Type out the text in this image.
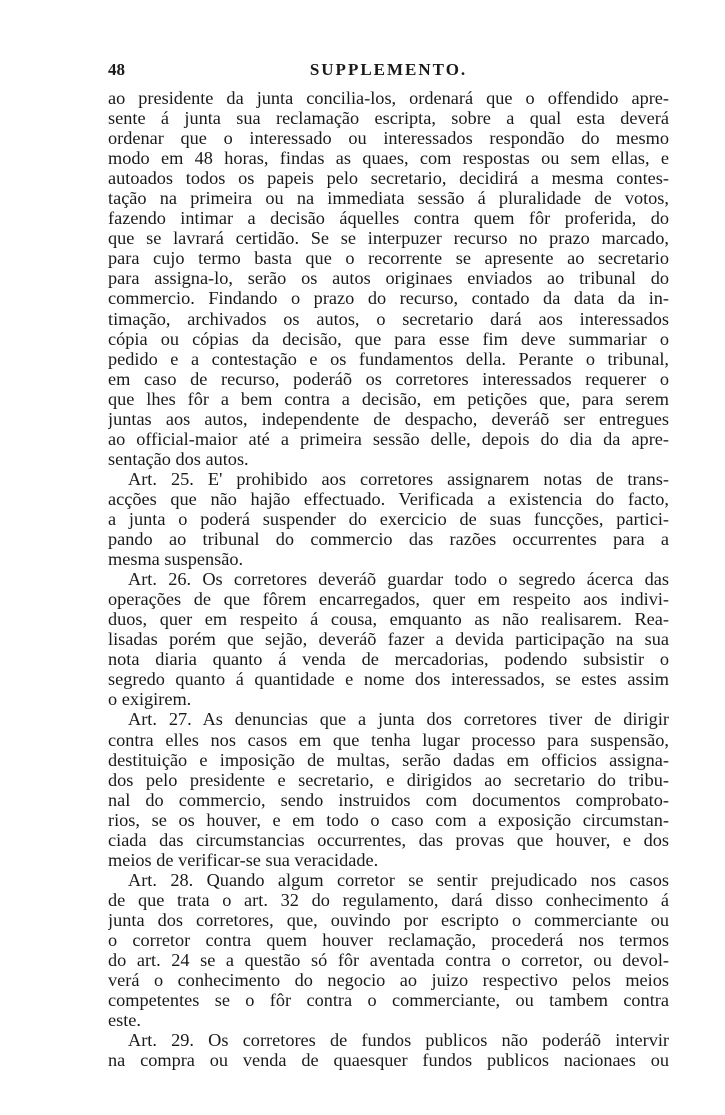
48	SUPPLEMENTO.
ao presidente da junta concilia-los, ordenará que o offendido apre-
sente á junta sua reclamação escripta, sobre a qual esta deverá
ordenar que o interessado ou interessados respondão do mesmo
modo em 48 horas, findas as quaes, com respostas ou sem ellas, e
autoados todos os papeis pelo secretario, decidirá a mesma contes-
tação na primeira ou na immediata sessão á pluralidade de votos,
fazendo intimar a decisão áquelles contra quem fôr proferida, do
que se lavrará certidão. Se se interpuzer recurso no prazo marcado,
para cujo termo basta que o recorrente se apresente ao secretario
para assigna-lo, serão os autos originaes enviados ao tribunal do
commercio. Findando o prazo do recurso, contado da data da in-
timação, archivados os autos, o secretario dará aos interessados
cópia ou cópias da decisão, que para esse fim deve summariar o
pedido e a contestação e os fundamentos della. Perante o tribunal,
em caso de recurso, poderáõ os corretores interessados requerer o
que lhes fôr a bem contra a decisão, em petições que, para serem
juntas aos autos, independente de despacho, deveráõ ser entregues
ao official-maior até a primeira sessão delle, depois do dia da apre-
sentação dos autos.
Art. 25. E' prohibido aos corretores assignarem notas de trans-
acções que não hajão effectuado. Verificada a existencia do facto,
a junta o poderá suspender do exercicio de suas funcções, partici-
pando ao tribunal do commercio das razões occurrentes para a
mesma suspensão.
Art. 26. Os corretores deveráõ guardar todo o segredo ácerca das
operações de que fôrem encarregados, quer em respeito aos indivi-
duos, quer em respeito á cousa, emquanto as não realisarem. Rea-
lisadas porém que sejão, deveráõ fazer a devida participação na sua
nota diaria quanto á venda de mercadorias, podendo subsistir o
segredo quanto á quantidade e nome dos interessados, se estes assim
o exigirem.
Art. 27. As denuncias que a junta dos corretores tiver de dirigir
contra elles nos casos em que tenha lugar processo para suspensão,
destituição e imposição de multas, serão dadas em officios assigna-
dos pelo presidente e secretario, e dirigidos ao secretario do tribu-
nal do commercio, sendo instruidos com documentos comprobato-
rios, se os houver, e em todo o caso com a exposição circumstan-
ciada das circumstancias occurrentes, das provas que houver, e dos
meios de verificar-se sua veracidade.
Art. 28. Quando algum corretor se sentir prejudicado nos casos
de que trata o art. 32 do regulamento, dará disso conhecimento á
junta dos corretores, que, ouvindo por escripto o commerciante ou
o corretor contra quem houver reclamação, procederá nos termos
do art. 24 se a questão só fôr aventada contra o corretor, ou devol-
verá o conhecimento do negocio ao juizo respectivo pelos meios
competentes se o fôr contra o commerciante, ou tambem contra
este.
Art. 29. Os corretores de fundos publicos não poderáõ intervir
na compra ou venda de quaesquer fundos publicos nacionaes ou
